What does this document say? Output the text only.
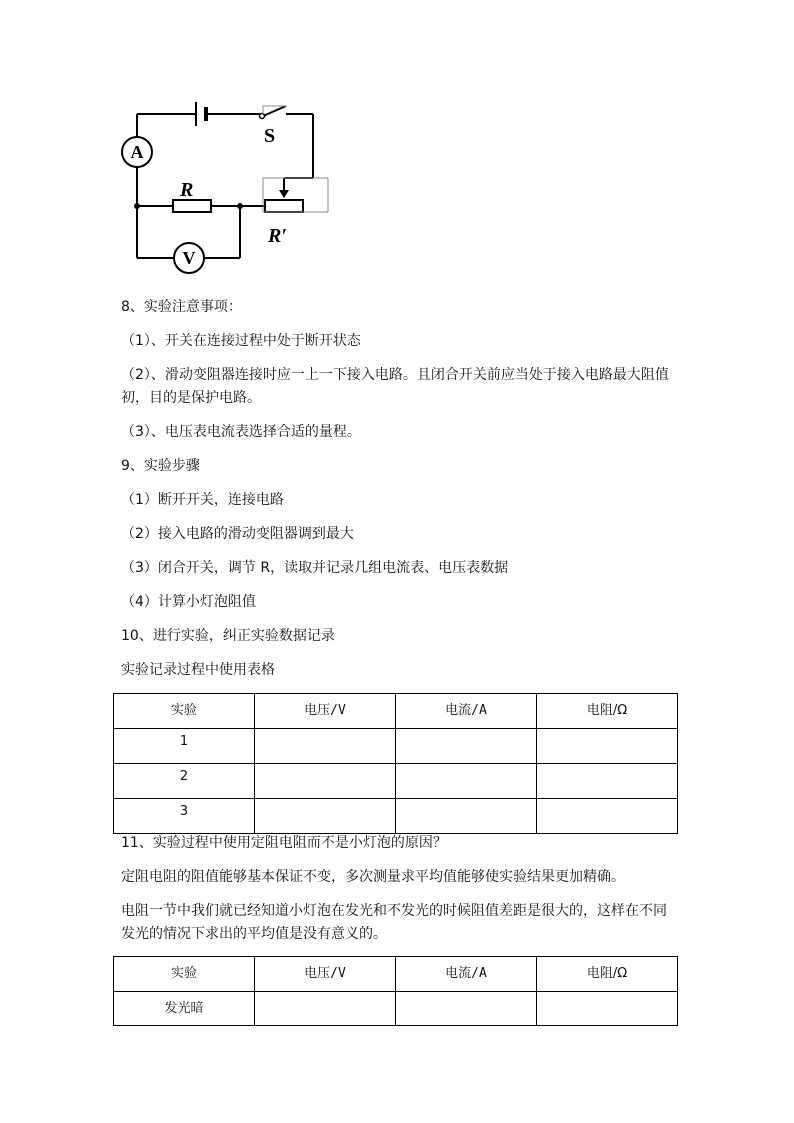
A
V
S
R
R′
8、实验注意事项：
（1）、开关在连接过程中处于断开状态
（2）、滑动变阻器连接时应一上一下接入电路。且闭合开关前应当处于接入电路最大阻值
初，目的是保护电路。
（3）、电压表电流表选择合适的量程。
9、实验步骤
（1）断开开关，连接电路
（2）接入电路的滑动变阻器调到最大
（3）闭合开关，调节 R，读取并记录几组电流表、电压表数据
（4）计算小灯泡阻值
10、进行实验，纠正实验数据记录
实验记录过程中使用表格
实验	电压/V	电流/A	电阻/Ω
1			
2			
3			
11、实验过程中使用定阻电阻而不是小灯泡的原因？
定阻电阻的阻值能够基本保证不变，多次测量求平均值能够使实验结果更加精确。
电阻一节中我们就已经知道小灯泡在发光和不发光的时候阻值差距是很大的，这样在不同
发光的情况下求出的平均值是没有意义的。
实验	电压/V	电流/A	电阻/Ω
发光暗			
